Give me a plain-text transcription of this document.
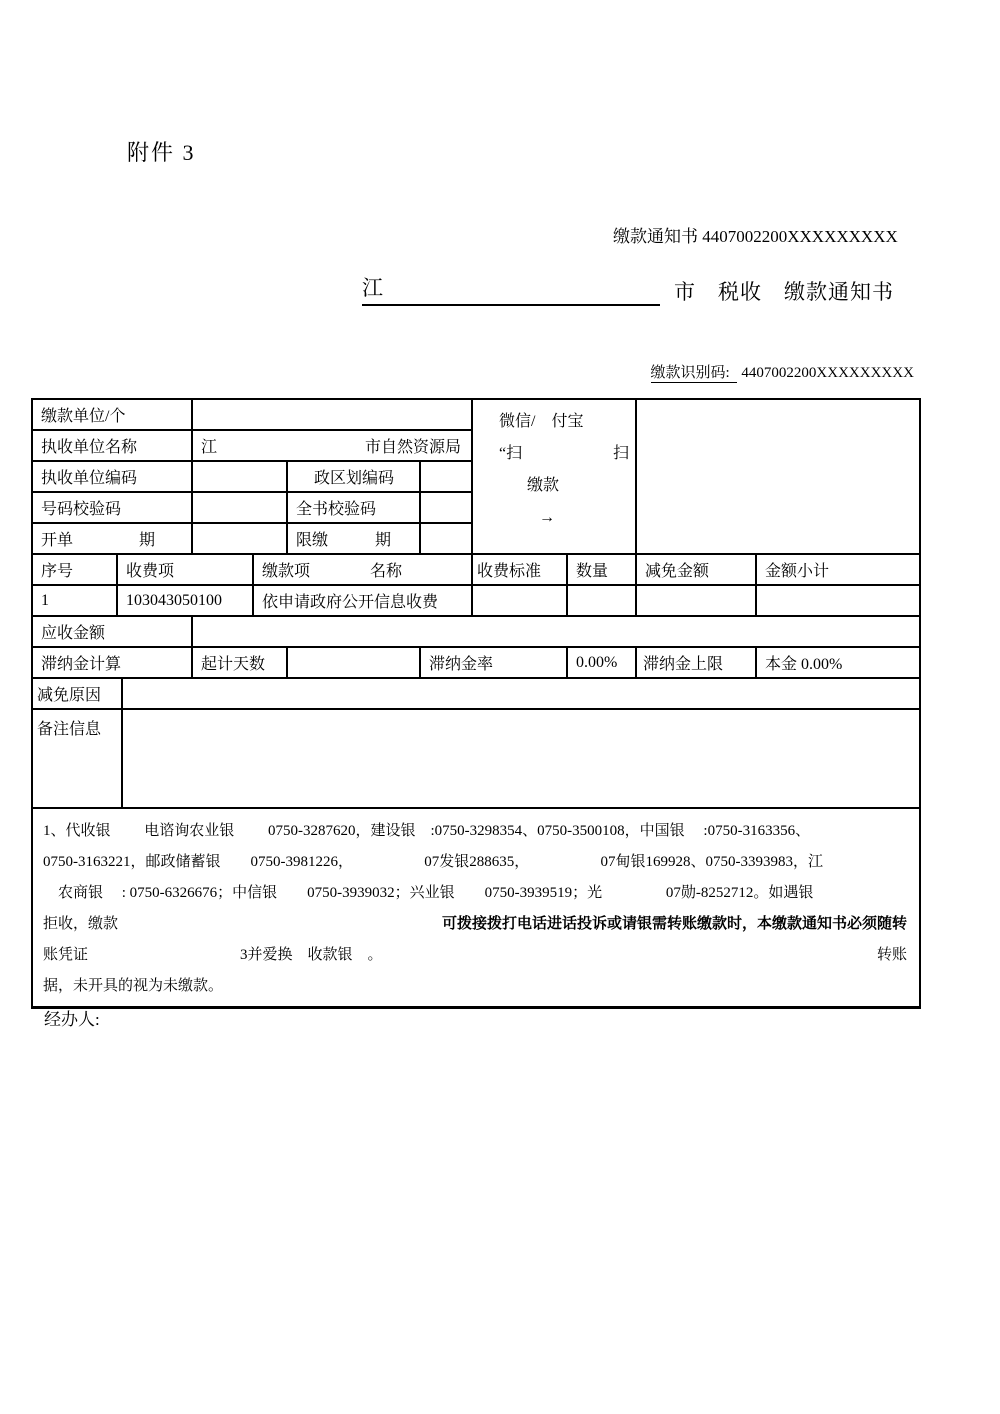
附件 3
缴款通知书 4407002200XXXXXXXXX
江	市　税收　缴款通知书

缴款识别码: 4407002200XXXXXXXXX

缴款单位/个							微信/　付宝
“扫 扫
缴款
→			

执收单位名称			江 市自然资源局							

执收单位编码					政区划编码					
号码校验码					全书校验码					

开单 期					限缴 期					

序号	收费项			缴款项 名称			收费标准	数量	减免金额	金额小计
1	103043050100			依申请政府公开信息收费						
应收金额										
滞纳金计算			起计天数			滞纳金率		0.00%	滞纳金上限	本金 0.00%
减免原因										
备注信息										

1、代收银　　 电谘询农业银　　 0750-3287620，建设银　:0750-3298354、0750-3500108，中国银　 :0750-3163356、
0750-3163221，邮政储蓄银　　0750-3981226，　　　　　 07发银288635，　　　　　 07甸银169928、0750-3393983，江
　农商银　 : 0750-6326676；中信银　　0750-3939032；兴业银　　0750-3939519；光　　　　 07勋-8252712。如遇银
拒收，缴款	可拨接拨打电话进话投诉或请银需转账缴款时，本缴款通知书必须随转
账凭证	3并爱换　收款银　。	转账
据，未开具的视为未缴款。
经办人:
